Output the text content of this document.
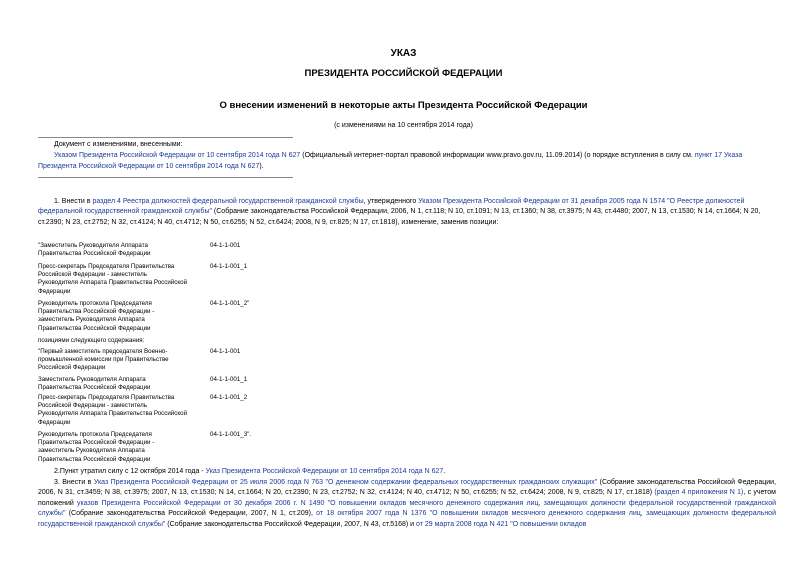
УКАЗ
ПРЕЗИДЕНТА РОССИЙСКОЙ ФЕДЕРАЦИИ
О внесении изменений в некоторые акты Президента Российской Федерации
(с изменениями на 10 сентября 2014 года)
Документ с изменениями, внесенными:
Указом Президента Российской Федерации от 10 сентября 2014 года N 627 (Официальный интернет-портал правовой информации www.pravo.gov.ru, 11.09.2014) (о порядке вступления в силу см. пункт 17 Указа Президента Российской Федерации от 10 сентября 2014 года N 627).
1. Внести в раздел 4 Реестра должностей федеральной государственной гражданской службы, утвержденного Указом Президента Российской Федерации от 31 декабря 2005 года N 1574 "О Реестре должностей федеральной государственной гражданской службы" (Собрание законодательства Российской Федерации, 2006, N 1, ст.118; N 10, ст.1091; N 13, ст.1360; N 38, ст.3975; N 43, ст.4480; 2007, N 13, ст.1530; N 14, ст.1664; N 20, ст.2390; N 23, ст.2752; N 32, ст.4124; N 40, ст.4712; N 50, ст.6255; N 52, ст.6424; 2008, N 9, ст.825; N 17, ст.1818), изменение, заменив позиции:
"Заместитель Руководителя Аппарата Правительства Российской Федерации
04-1-1-001
Пресс-секретарь Председателя Правительства Российской Федерации - заместитель Руководителя Аппарата Правительства Российской Федерации
04-1-1-001_1
Руководитель протокола Председателя Правительства Российской Федерации - заместитель Руководителя Аппарата Правительства Российской Федерации
04-1-1-001_2"
позициями следующего содержания:
"Первый заместитель председателя Военно-промышленной комиссии при Правительстве Российской Федерации
04-1-1-001
Заместитель Руководителя Аппарата Правительства Российской Федерации
04-1-1-001_1
Пресс-секретарь Председателя Правительства Российской Федерации - заместитель Руководителя Аппарата Правительства Российской Федерации
04-1-1-001_2
Руководитель протокола Председателя Правительства Российской Федерации - заместитель Руководителя Аппарата Правительства Российской Федерации
04-1-1-001_3".
2.Пункт утратил силу с 12 октября 2014 года - Указ Президента Российской Федерации от 10 сентября 2014 года N 627.
3. Внести в Указ Президента Российской Федерации от 25 июля 2006 года N 763 "О денежном содержании федеральных государственных гражданских служащих" (Собрание законодательства Российской Федерации, 2006, N 31, ст.3459; N 38, ст.3975; 2007, N 13, ст.1530; N 14, ст.1664; N 20, ст.2390; N 23, ст.2752; N 32, ст.4124; N 40, ст.4712; N 50, ст.6255; N 52, ст.6424; 2008, N 9, ст.825; N 17, ст.1818) (раздел 4 приложения N 1), с учетом положений указов Президента Российской Федерации от 30 декабря 2006 г. N 1490 "О повышении окладов месячного денежного содержания лиц, замещающих должности федеральной государственной гражданской службы" (Собрание законодательства Российской Федерации, 2007, N 1, ст.209), от 18 октября 2007 года N 1376 "О повышении окладов месячного денежного содержания лиц, замещающих должности федеральной государственной гражданской службы" (Собрание законодательства Российской Федерации, 2007, N 43, ст.5168) и от 29 марта 2008 года N 421 "О повышении окладов
